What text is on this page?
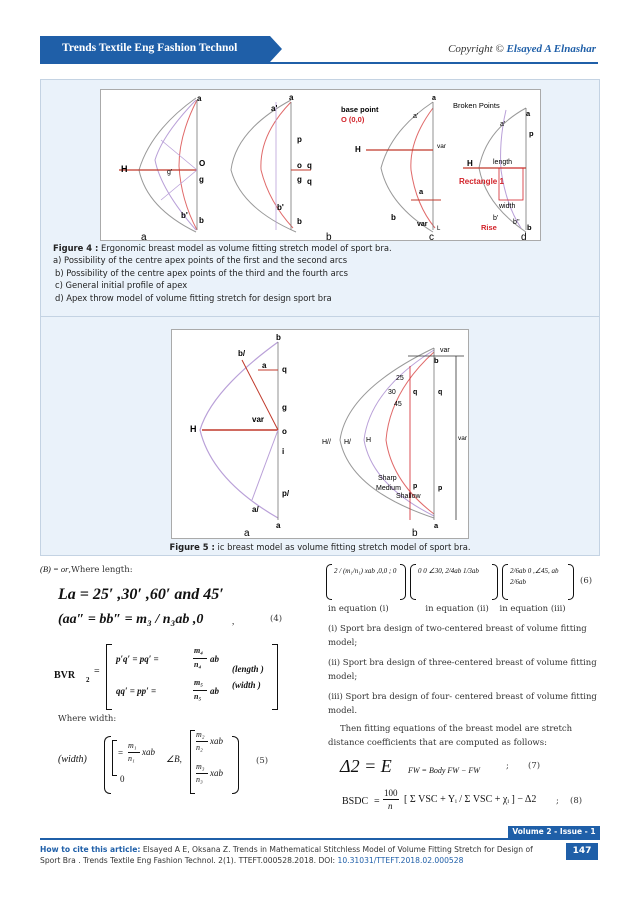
Trends Textile Eng Fashion Technol	Copyright © Elsayed A Elnashar
a
H
O
g'
g
b'
b
a
a'
p
o q
g q
b'
b
a
base point
O (0,0)	a'
H	var
a
b
var
L
Broken Points
a'
a
p
H	length
Rectangle 1
width
b'
Rise
b''
b
a	b	c	d
Figure 4 : Ergonomic breast model as volume fitting stretch model of sport bra.
a) Possibility of the centre apex points of the first and the second arcs
b) Possibility of the centre apex points of the third and the fourth arcs
c) General initial profile of apex
d) Apex throw model of volume fitting stretch for design sport bra
b
b/
a q
g
var
H	o
i
p/
a/
a
var
b
25
30
45
q	q
H// H/ H	var
Sharp
Medium
Shallow
p	p
a
a	b
Figure 5 : ic breast model as volume fitting stretch model of sport bra.
(B) = or,Where length:
La = 25′ ,30′ ,60′ and 45′
(aa″ = bb″ = m₃ / n₃ab ,0	,	(4)
BVR 2
=
p′q′ = pq′ =
m₄
n₄
ab
qq′ = pp′ =
m₅
n₅
ab
(length )
(width )
Where width:
(width)
=
m₁
n₁
xab
0
∠B,
m₂
n₂
xab
m₃
n₃
xab
(5)
2 / (m₁/n₁) xab ,0,0 ; 0	0 0 ∠30, 2/4ab 1/3ab	2/6ab 0 ,∠45, ab 2/6ab	(6)
in equation (i)	in equation (ii) in equation (iii)
(i) Sport bra design of two-centered breast of volume fitting model;
(ii) Sport bra design of three-centered breast of volume fitting model;
(iii) Sport bra design of four- centered breast of volume fitting model.
Then fitting equations of the breast model are stretch distance coefficients that are computed as follows:
Δ2 = E FW = Body FW − FW	; (7)
BSDC =
100
n
[ Σ VSC + Yᵢ / Σ VSC + χᵢ ] − Δ2 ; (8)
Volume 2 - Issue - 1
How to cite this article: Elsayed A E, Oksana Z. Trends in Mathematical Stitchless Model of Volume Fitting Stretch for Design of Sport Bra . Trends Textile Eng Fashion Technol. 2(1). TTEFT.000528.2018. DOI: 10.31031/TTEFT.2018.02.000528
147
